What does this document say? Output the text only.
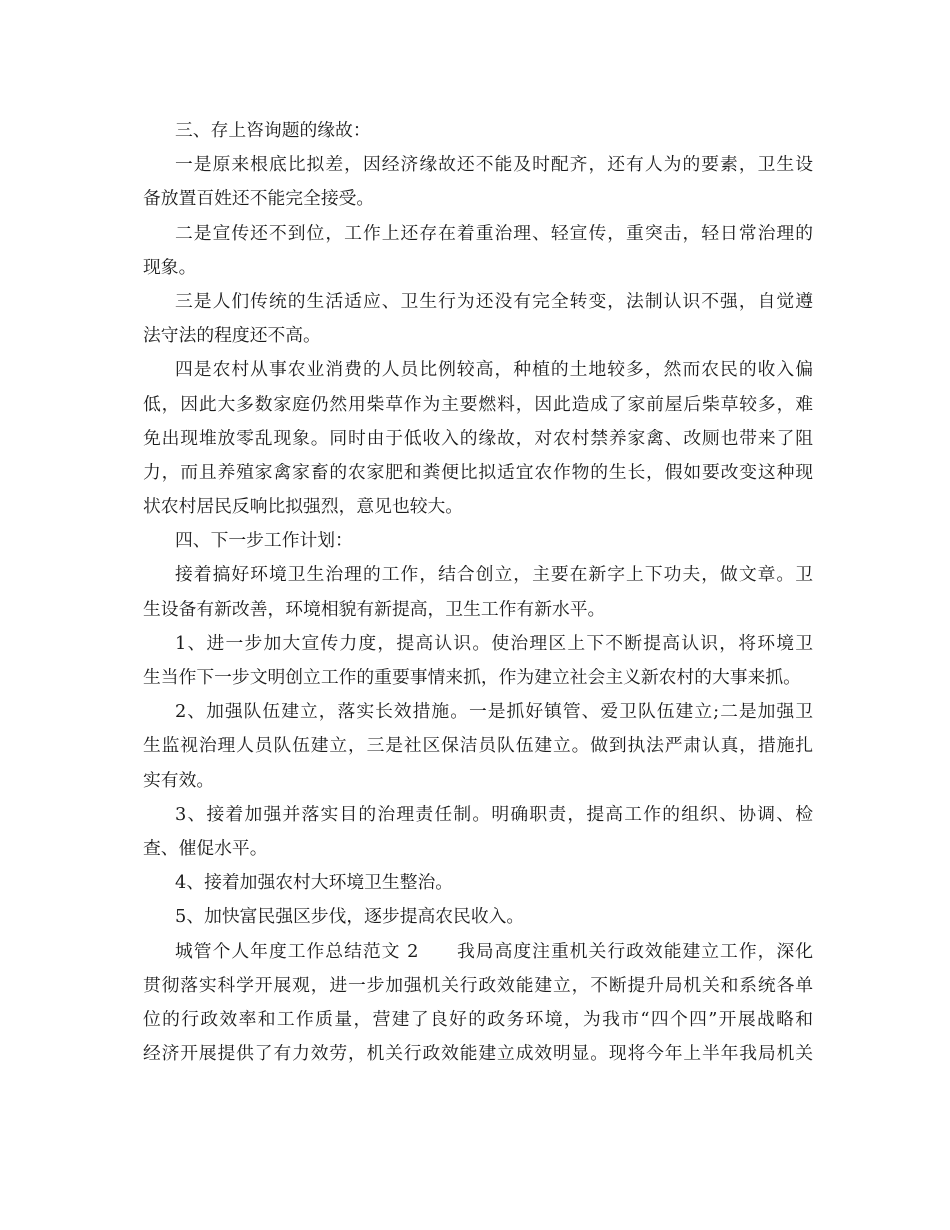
三、存上咨询题的缘故：
一是原来根底比拟差，因经济缘故还不能及时配齐，还有人为的要素，卫生设
备放置百姓还不能完全接受。
二是宣传还不到位，工作上还存在着重治理、轻宣传，重突击，轻日常治理的
现象。
三是人们传统的生活适应、卫生行为还没有完全转变，法制认识不强，自觉遵
法守法的程度还不高。
四是农村从事农业消费的人员比例较高，种植的土地较多，然而农民的收入偏
低，因此大多数家庭仍然用柴草作为主要燃料，因此造成了家前屋后柴草较多，难
免出现堆放零乱现象。同时由于低收入的缘故，对农村禁养家禽、改厕也带来了阻
力，而且养殖家禽家畜的农家肥和粪便比拟适宜农作物的生长，假如要改变这种现
状农村居民反响比拟强烈，意见也较大。
四、下一步工作计划：
接着搞好环境卫生治理的工作，结合创立，主要在新字上下功夫，做文章。卫
生设备有新改善，环境相貌有新提高，卫生工作有新水平。
1、进一步加大宣传力度，提高认识。使治理区上下不断提高认识，将环境卫
生当作下一步文明创立工作的重要事情来抓，作为建立社会主义新农村的大事来抓。
2、加强队伍建立，落实长效措施。一是抓好镇管、爱卫队伍建立;二是加强卫
生监视治理人员队伍建立，三是社区保洁员队伍建立。做到执法严肃认真，措施扎
实有效。
3、接着加强并落实目的治理责任制。明确职责，提高工作的组织、协调、检
查、催促水平。
4、接着加强农村大环境卫生整治。
5、加快富民强区步伐，逐步提高农民收入。
城管个人年度工作总结范文 2　　我局高度注重机关行政效能建立工作，深化
贯彻落实科学开展观，进一步加强机关行政效能建立，不断提升局机关和系统各单
位的行政效率和工作质量，营建了良好的政务环境，为我市“四个四”开展战略和
经济开展提供了有力效劳，机关行政效能建立成效明显。现将今年上半年我局机关
